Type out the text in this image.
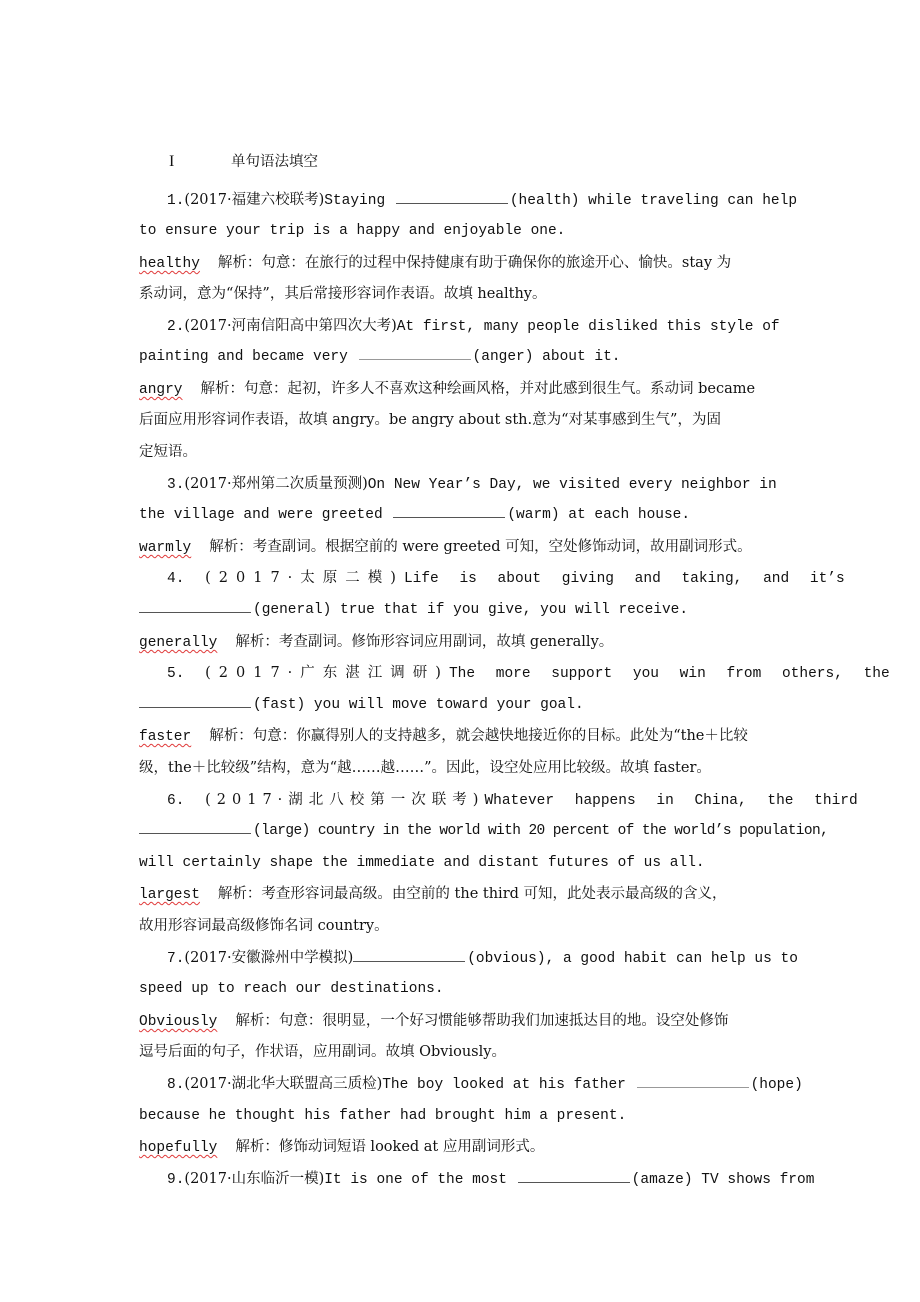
I	单句语法填空
1.(2017·福建六校联考)Staying	(health) while traveling can help
to ensure your trip is a happy and enjoyable one.
healthy 解析：句意：在旅行的过程中保持健康有助于确保你的旅途开心、愉快。stay 为
系动词，意为“保持”，其后常接形容词作表语。故填 healthy。
2.(2017·河南信阳高中第四次大考)At first, many people disliked this style of
painting and became very	(anger) about it.
angry 解析：句意：起初，许多人不喜欢这种绘画风格，并对此感到很生气。系动词 became
后面应用形容词作表语，故填 angry。be angry about sth.意为“对某事感到生气”，为固
定短语。
3.(2017·郑州第二次质量预测)On New Year’s Day, we visited every neighbor in
the village and were greeted	(warm) at each house.
warmly 解析：考查副词。根据空前的 were greeted 可知，空处修饰动词，故用副词形式。
4. (2017·太原二模)Life is about giving and taking, and it’s
(general) true that if you give, you will receive.
generally 解析：考查副词。修饰形容词应用副词，故填 generally。
5. (2017·广东湛江调研)The more support you win from others, the
(fast) you will move toward your goal.
faster 解析：句意：你赢得别人的支持越多，就会越快地接近你的目标。此处为“the＋比较
级，the＋比较级”结构，意为“越……越……”。因此，设空处应用比较级。故填 faster。
6. (2017·湖北八校第一次联考)Whatever happens in China, the third
(large) country in the world with 20 percent of the world’s population,
will certainly shape the immediate and distant futures of us all.
largest 解析：考查形容词最高级。由空前的 the third 可知，此处表示最高级的含义，
故用形容词最高级修饰名词 country。
7.(2017·安徽滁州中学模拟)	(obvious), a good habit can help us to
speed up to reach our destinations.
Obviously 解析：句意：很明显，一个好习惯能够帮助我们加速抵达目的地。设空处修饰
逗号后面的句子，作状语，应用副词。故填 Obviously。
8.(2017·湖北华大联盟高三质检)The boy looked at his father	(hope)
because he thought his father had brought him a present.
hopefully 解析：修饰动词短语 looked at 应用副词形式。
9.(2017·山东临沂一模)It is one of the most	(amaze) TV shows from
